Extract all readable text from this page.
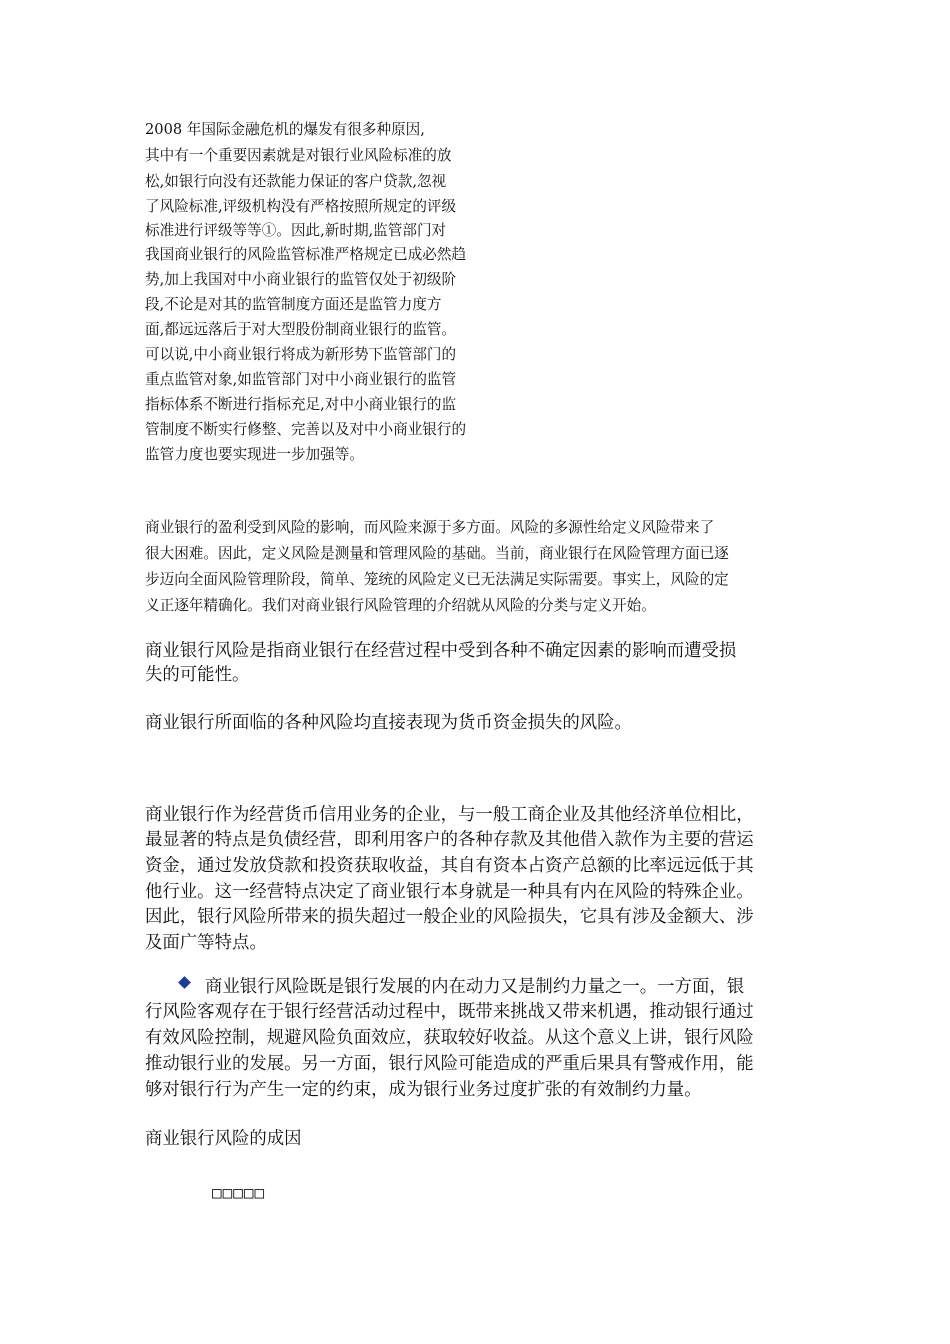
2008 年国际金融危机的爆发有很多种原因,
其中有一个重要因素就是对银行业风险标准的放
松,如银行向没有还款能力保证的客户贷款,忽视
了风险标准,评级机构没有严格按照所规定的评级
标准进行评级等等①。因此,新时期,监管部门对
我国商业银行的风险监管标准严格规定已成必然趋
势,加上我国对中小商业银行的监管仅处于初级阶
段,不论是对其的监管制度方面还是监管力度方
面,都远远落后于对大型股份制商业银行的监管。
可以说,中小商业银行将成为新形势下监管部门的
重点监管对象,如监管部门对中小商业银行的监管
指标体系不断进行指标充足,对中小商业银行的监
管制度不断实行修整、完善以及对中小商业银行的
监管力度也要实现进一步加强等。
商业银行的盈利受到风险的影响，而风险来源于多方面。风险的多源性给定义风险带来了
很大困难。因此，定义风险是测量和管理风险的基础。当前，商业银行在风险管理方面已逐
步迈向全面风险管理阶段，简单、笼统的风险定义已无法满足实际需要。事实上，风险的定
义正逐年精确化。我们对商业银行风险管理的介绍就从风险的分类与定义开始。
商业银行风险是指商业银行在经营过程中受到各种不确定因素的影响而遭受损
失的可能性。
商业银行所面临的各种风险均直接表现为货币资金损失的风险。
商业银行作为经营货币信用业务的企业，与一般工商企业及其他经济单位相比，
最显著的特点是负债经营，即利用客户的各种存款及其他借入款作为主要的营运
资金，通过发放贷款和投资获取收益，其自有资本占资产总额的比率远远低于其
他行业。这一经营特点决定了商业银行本身就是一种具有内在风险的特殊企业。
因此，银行风险所带来的损失超过一般企业的风险损失，它具有涉及金额大、涉
及面广等特点。
商业银行风险既是银行发展的内在动力又是制约力量之一。一方面，银
行风险客观存在于银行经营活动过程中，既带来挑战又带来机遇，推动银行通过
有效风险控制，规避风险负面效应，获取较好收益。从这个意义上讲，银行风险
推动银行业的发展。另一方面，银行风险可能造成的严重后果具有警戒作用，能
够对银行行为产生一定的约束，成为银行业务过度扩张的有效制约力量。
商业银行风险的成因
□□□□□
